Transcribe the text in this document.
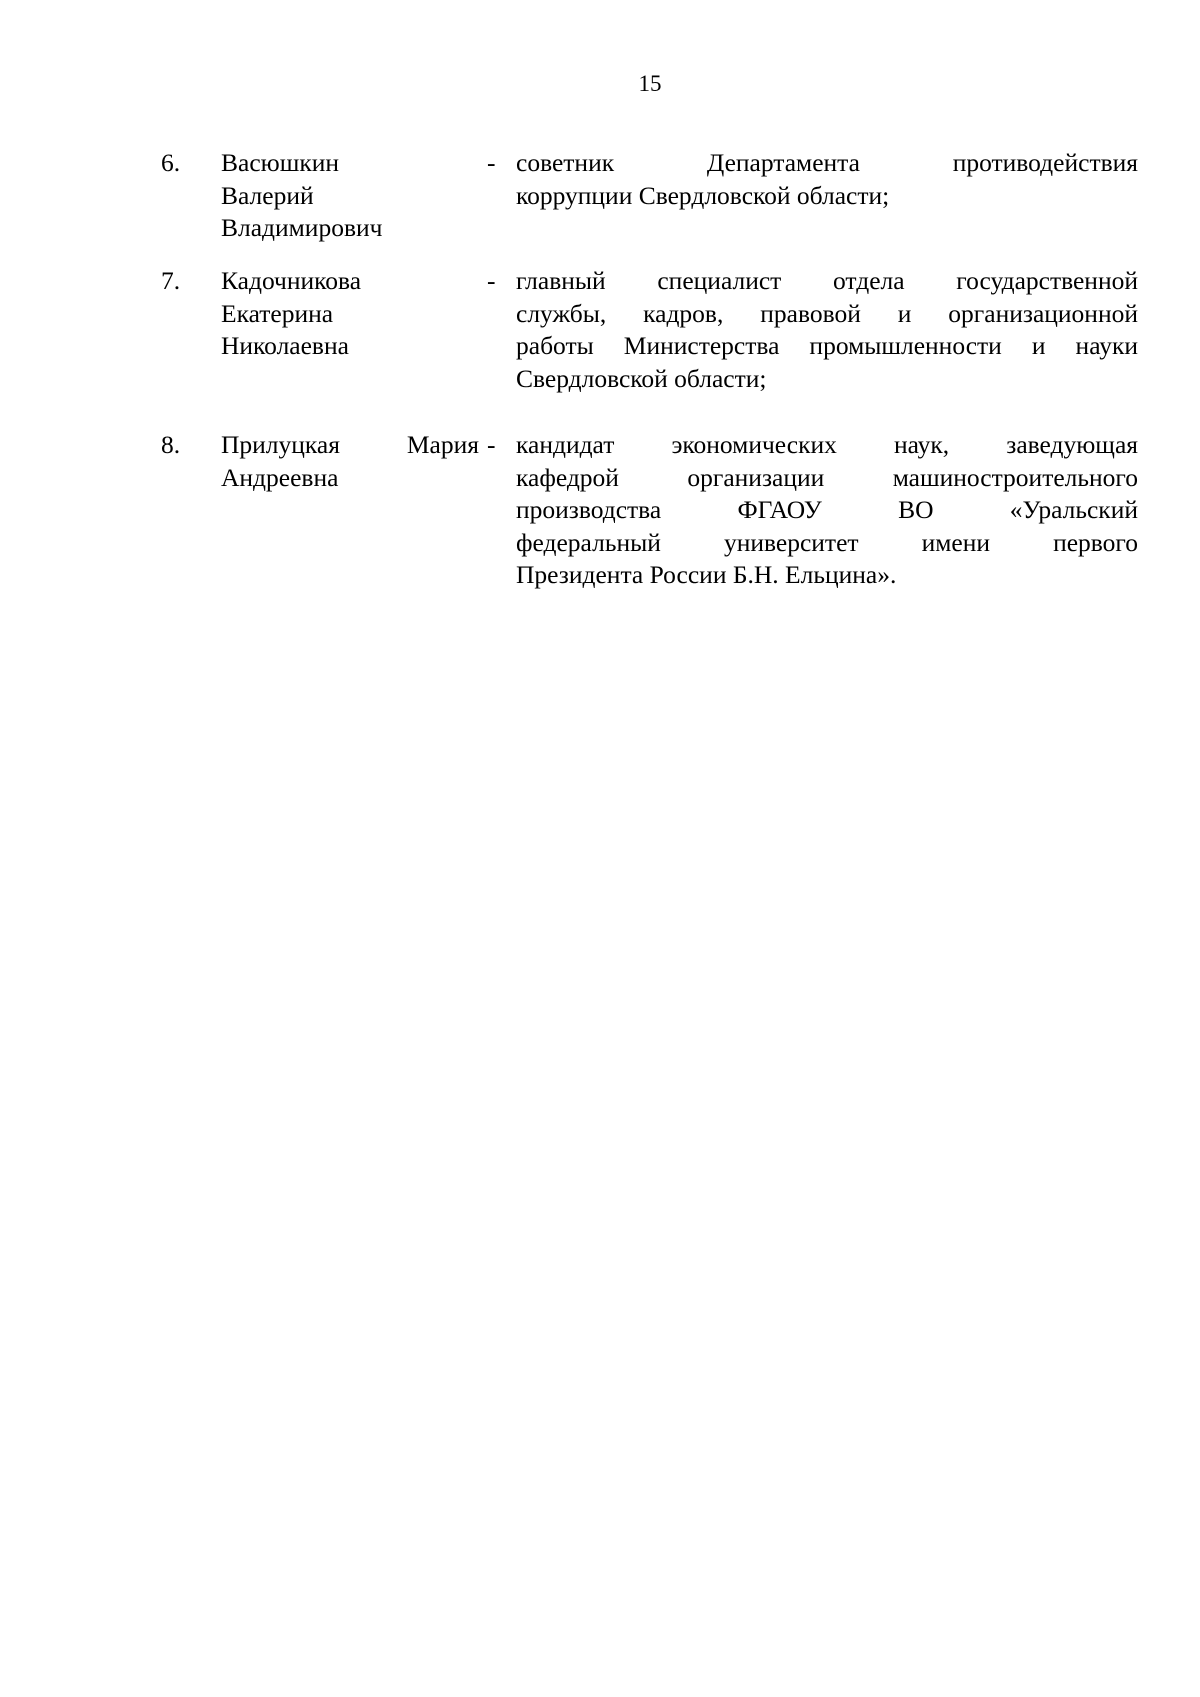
15
6. Васюшкин
Валерий
Владимирович
- советник Департамента противодействия
коррупции Свердловской области;
7. Кадочникова
Екатерина
Николаевна
- главный специалист отдела государственной
службы, кадров, правовой и организационной
работы Министерства промышленности и науки
Свердловской области;
8. Прилуцкая Мария
Андреевна
- кандидат экономических наук, заведующая
кафедрой организации машиностроительного
производства ФГАОУ ВО «Уральский
федеральный университет имени первого
Президента России Б.Н. Ельцина».
